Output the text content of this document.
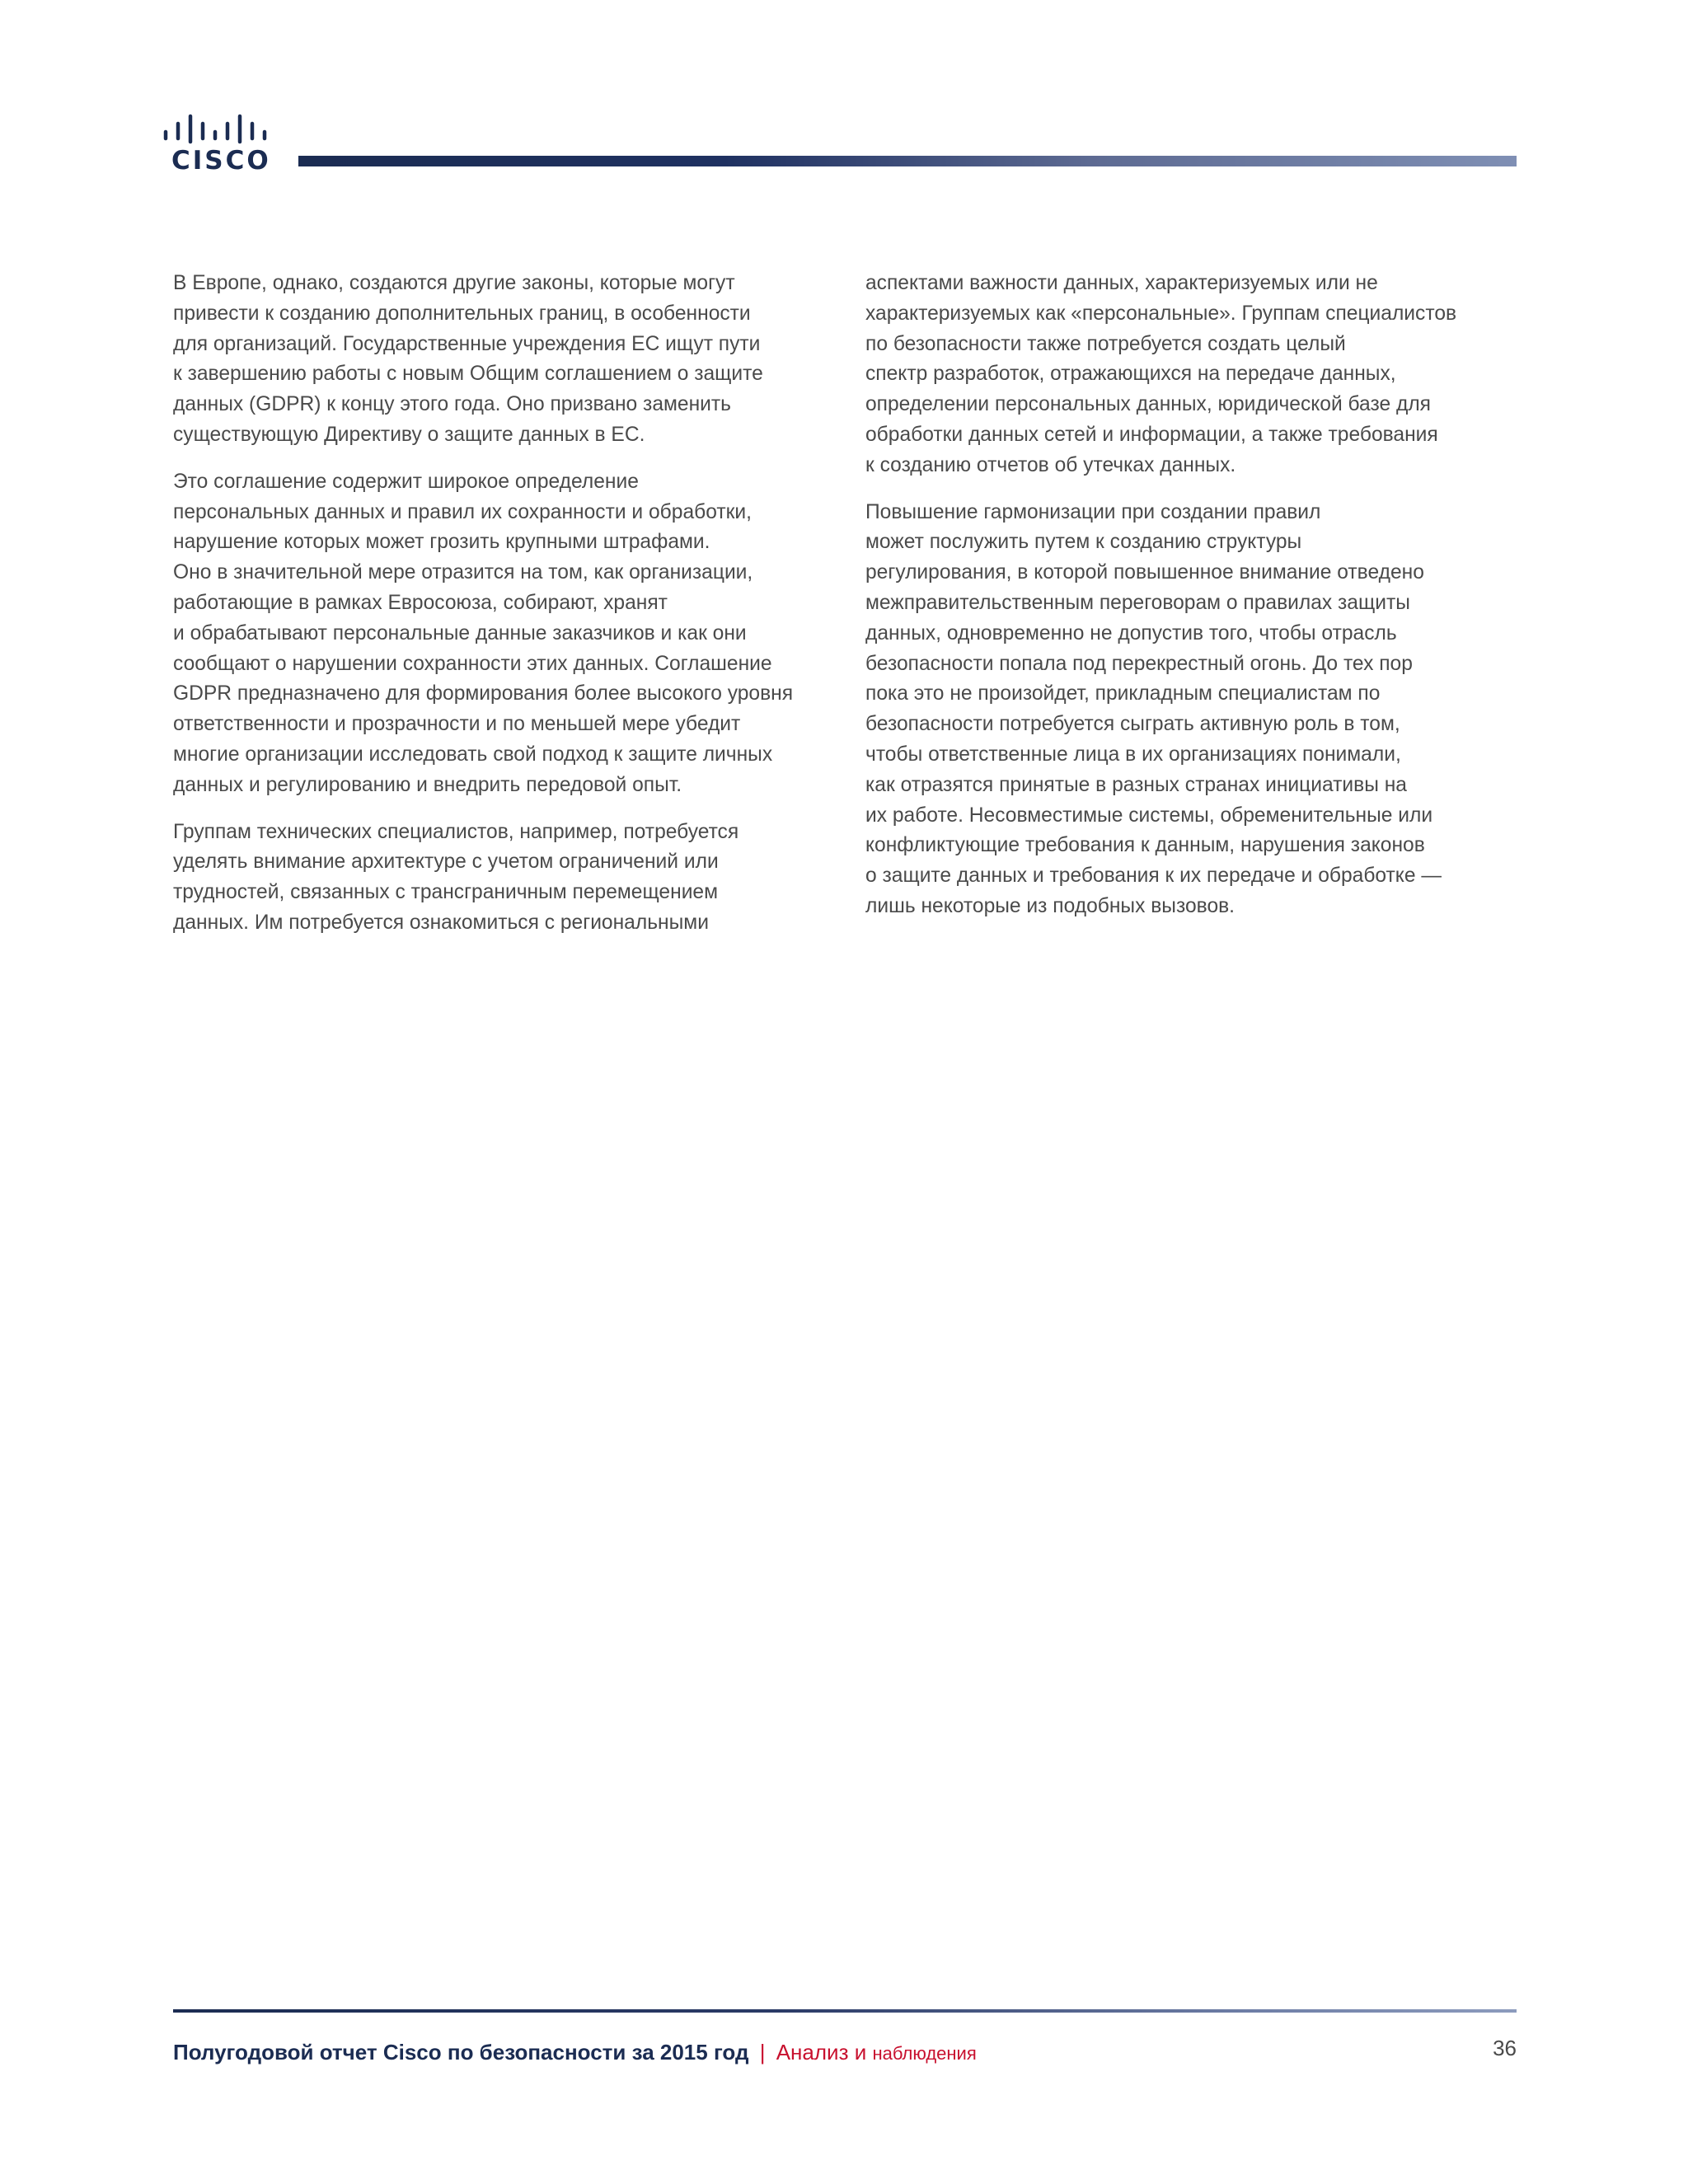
CISCO

В Европе, однако, создаются другие законы, которые могут
привести к созданию дополнительных границ, в особенности
для организаций. Государственные учреждения ЕС ищут пути
к завершению работы с новым Общим соглашением о защите
данных (GDPR) к концу этого года. Оно призвано заменить
существующую Директиву о защите данных в ЕС.

Это соглашение содержит широкое определение
персональных данных и правил их сохранности и обработки,
нарушение которых может грозить крупными штрафами.
Оно в значительной мере отразится на том, как организации,
работающие в рамках Евросоюза, собирают, хранят
и обрабатывают персональные данные заказчиков и как они
сообщают о нарушении сохранности этих данных. Соглашение
GDPR предназначено для формирования более высокого уровня
ответственности и прозрачности и по меньшей мере убедит
многие организации исследовать свой подход к защите личных
данных и регулированию и внедрить передовой опыт.

Группам технических специалистов, например, потребуется
уделять внимание архитектуре с учетом ограничений или
трудностей, связанных с трансграничным перемещением
данных. Им потребуется ознакомиться с региональными

аспектами важности данных, характеризуемых или не
характеризуемых как «персональные». Группам специалистов
по безопасности также потребуется создать целый
спектр разработок, отражающихся на передаче данных,
определении персональных данных, юридической базе для
обработки данных сетей и информации, а также требования
к созданию отчетов об утечках данных.

Повышение гармонизации при создании правил
может послужить путем к созданию структуры
регулирования, в которой повышенное внимание отведено
межправительственным переговорам о правилах защиты
данных, одновременно не допустив того, чтобы отрасль
безопасности попала под перекрестный огонь. До тех пор
пока это не произойдет, прикладным специалистам по
безопасности потребуется сыграть активную роль в том,
чтобы ответственные лица в их организациях понимали,
как отразятся принятые в разных странах инициативы на
их работе. Несовместимые системы, обременительные или
конфликтующие требования к данным, нарушения законов
о защите данных и требования к их передаче и обработке —
лишь некоторые из подобных вызовов.

Полугодовой отчет Cisco по безопасности за 2015 год | Анализ и наблюдения	36
